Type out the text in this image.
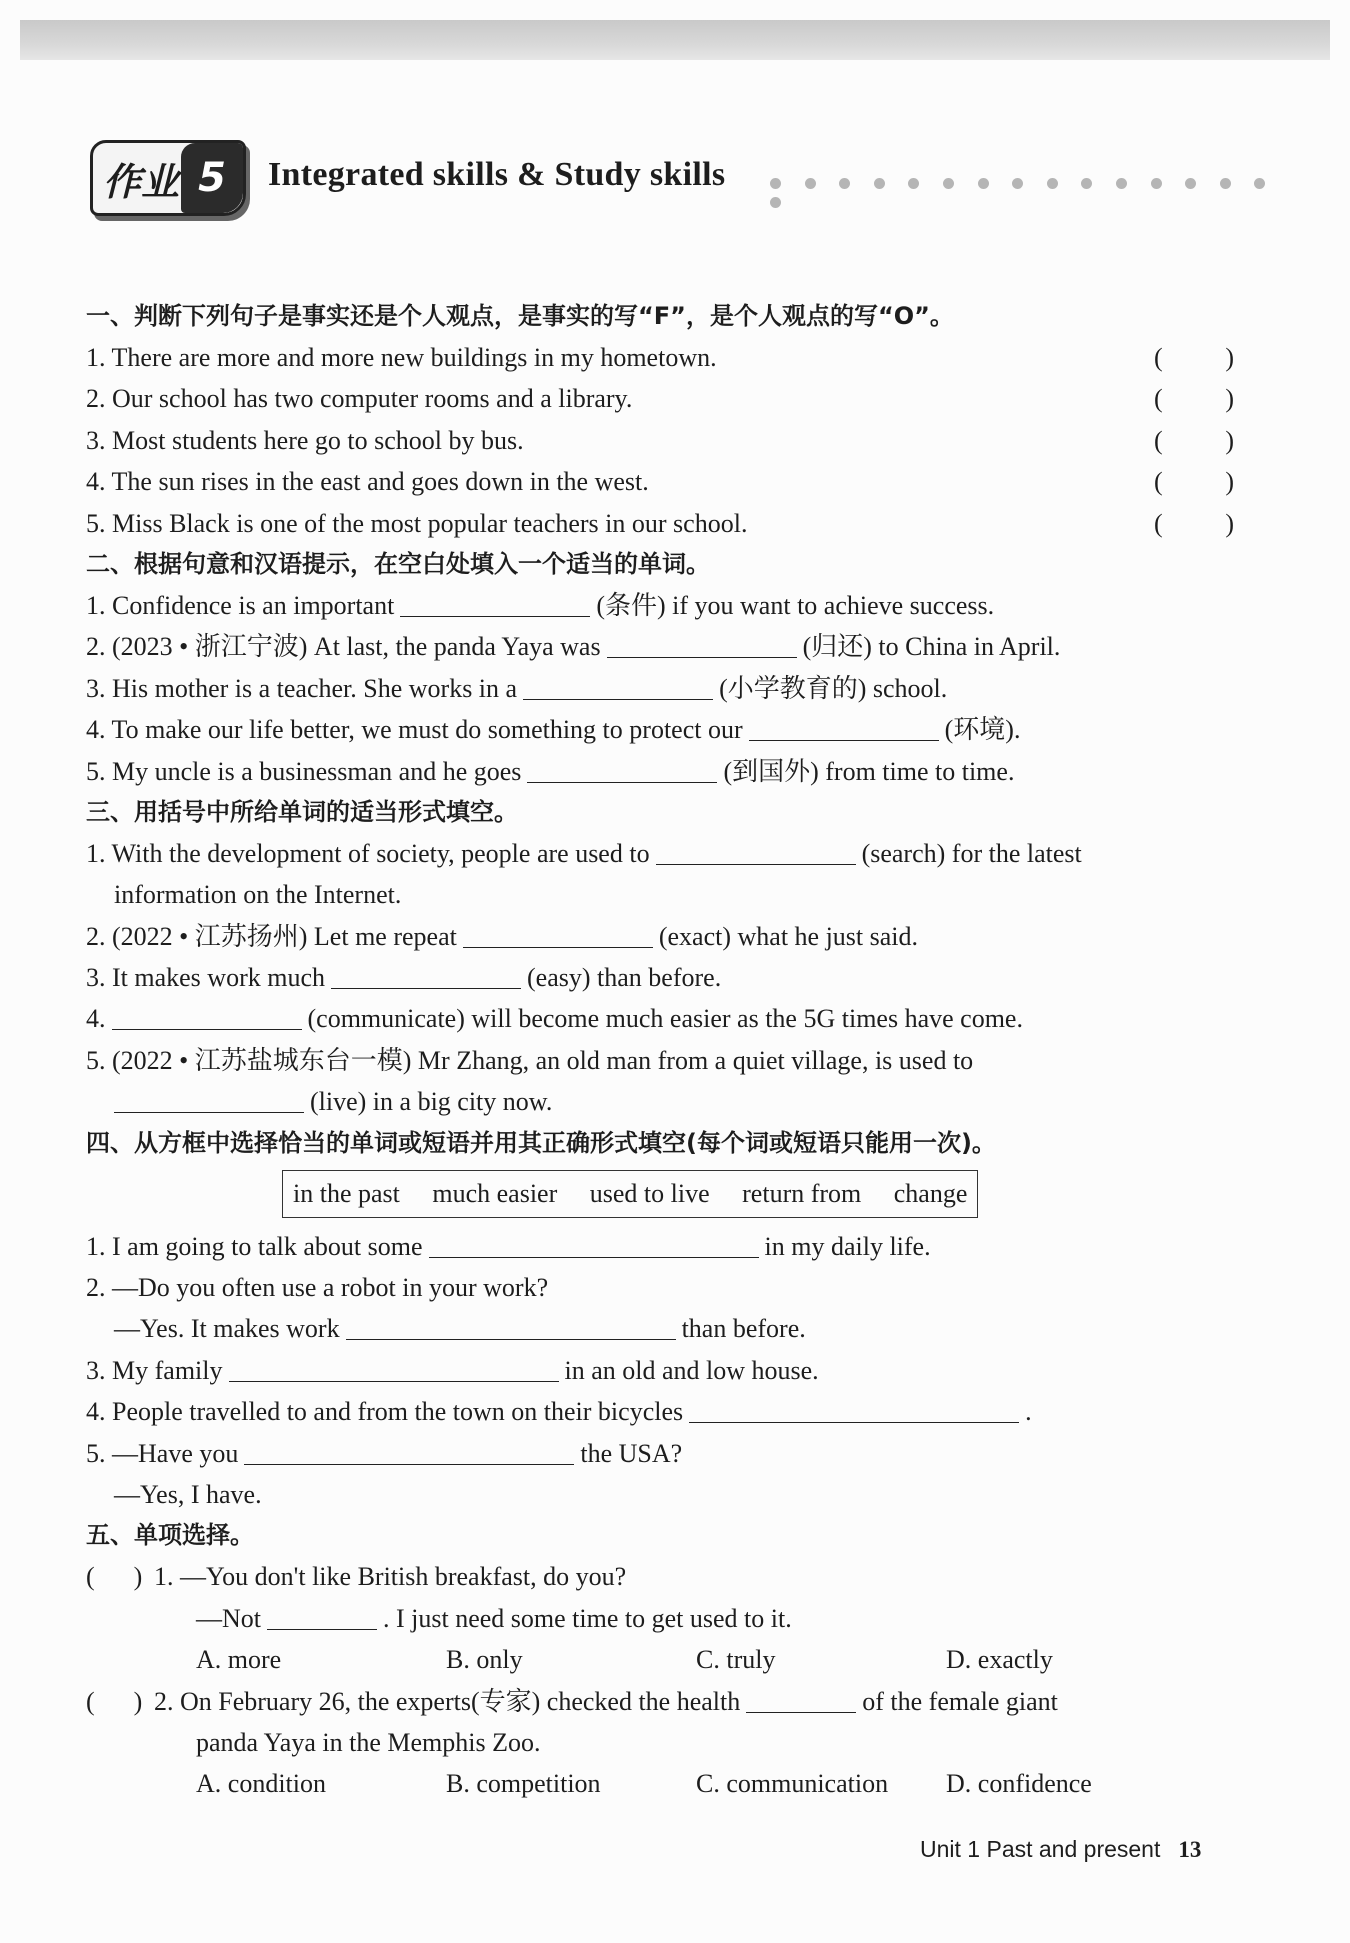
作业 5	Integrated skills & Study skills
一、判断下列句子是事实还是个人观点，是事实的写“F”，是个人观点的写“O”。
1. There are more and more new buildings in my hometown.	( )
2. Our school has two computer rooms and a library.	( )
3. Most students here go to school by bus.	( )
4. The sun rises in the east and goes down in the west.	( )
5. Miss Black is one of the most popular teachers in our school.	( )
二、根据句意和汉语提示，在空白处填入一个适当的单词。
1. Confidence is an important	(条件) if you want to achieve success.
2. (2023 • 浙江宁波) At last, the panda Yaya was	(归还) to China in April.
3. His mother is a teacher. She works in a	(小学教育的) school.
4. To make our life better, we must do something to protect our	(环境).
5. My uncle is a businessman and he goes	(到国外) from time to time.
三、用括号中所给单词的适当形式填空。
1. With the development of society, people are used to	(search) for the latest
information on the Internet.
2. (2022 • 江苏扬州) Let me repeat	(exact) what he just said.
3. It makes work much	(easy) than before.
4.	(communicate) will become much easier as the 5G times have come.
5. (2022 • 江苏盐城东台一模) Mr Zhang, an old man from a quiet village, is used to
(live) in a big city now.
四、从方框中选择恰当的单词或短语并用其正确形式填空(每个词或短语只能用一次)。
in the past much easier used to live return from change
1. I am going to talk about some	in my daily life.
2. —Do you often use a robot in your work?
—Yes. It makes work	than before.
3. My family	in an old and low house.
4. People travelled to and from the town on their bicycles	.
5. —Have you	the USA?
—Yes, I have.
五、单项选择。
(      ) 1. —You don't like British breakfast, do you?
—Not	. I just need some time to get used to it.
A. more	B. only	C. truly	D. exactly
(      ) 2. On February 26, the experts(专家) checked the health	of the female giant
panda Yaya in the Memphis Zoo.
A. condition	B. competition	C. communication D. confidence
Unit 1 Past and present 13
